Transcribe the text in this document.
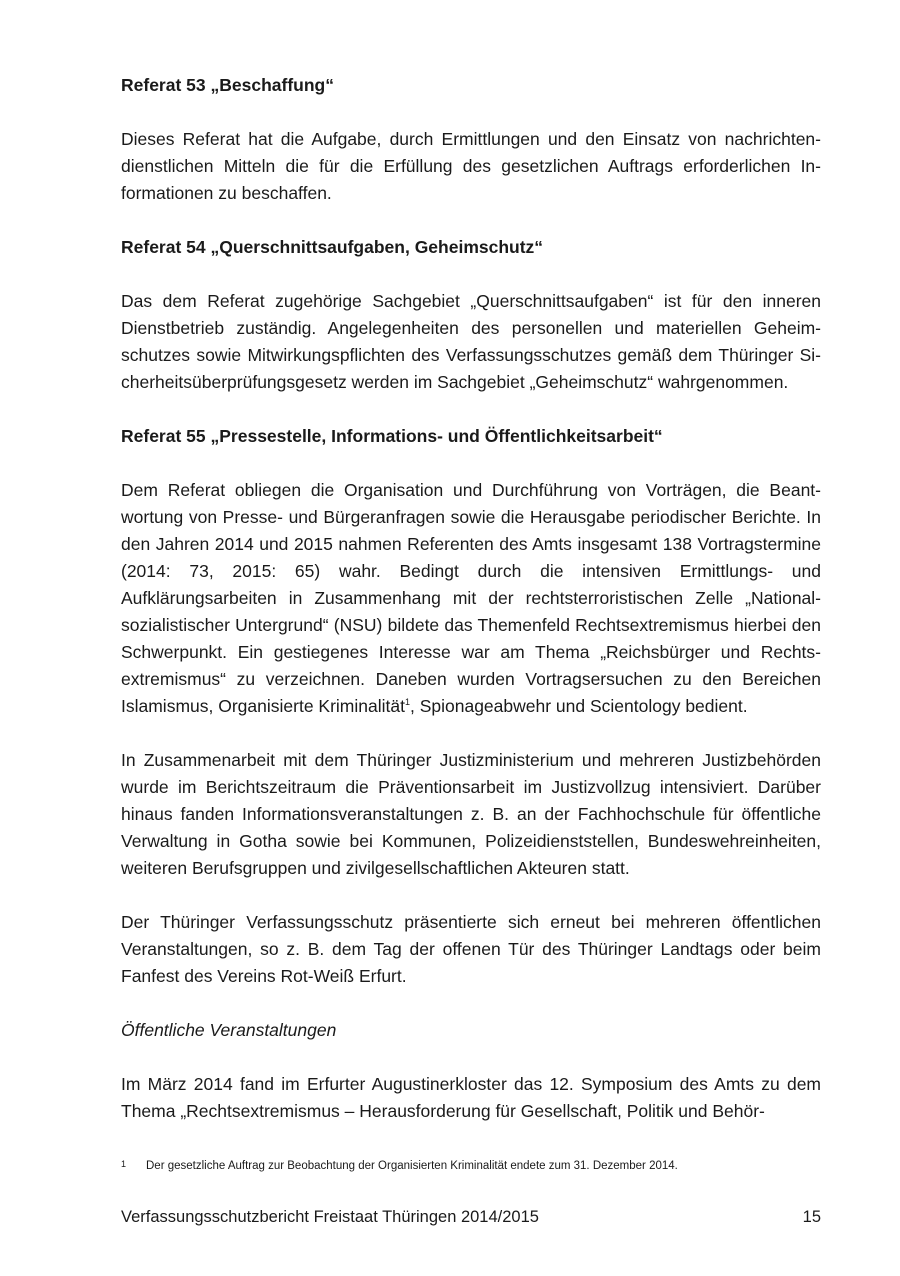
Referat 53 „Beschaffung“

Dieses Referat hat die Aufgabe, durch Ermittlungen und den Einsatz von nachrichtendienstlichen Mitteln die für die Erfüllung des gesetzlichen Auftrags erforderlichen Informationen zu beschaffen.

Referat 54 „Querschnittsaufgaben, Geheimschutz“

Das dem Referat zugehörige Sachgebiet „Querschnittsaufgaben“ ist für den inneren Dienstbetrieb zuständig. Angelegenheiten des personellen und materiellen Geheimschutzes sowie Mitwirkungspflichten des Verfassungsschutzes gemäß dem Thüringer Sicherheitsüberprüfungsgesetz werden im Sachgebiet „Geheimschutz“ wahrgenommen.

Referat 55 „Pressestelle, Informations- und Öffentlichkeitsarbeit“

Dem Referat obliegen die Organisation und Durchführung von Vorträgen, die Beantwortung von Presse- und Bürgeranfragen sowie die Herausgabe periodischer Berichte. In den Jahren 2014 und 2015 nahmen Referenten des Amts insgesamt 138 Vortragstermine (2014: 73, 2015: 65) wahr. Bedingt durch die intensiven Ermittlungs- und Aufklärungsarbeiten in Zusammenhang mit der rechtsterroristischen Zelle „Nationalsozialistischer Untergrund“ (NSU) bildete das Themenfeld Rechtsextremismus hierbei den Schwerpunkt. Ein gestiegenes Interesse war am Thema „Reichsbürger und Rechtsextremismus“ zu verzeichnen. Daneben wurden Vortragsersuchen zu den Bereichen Islamismus, Organisierte Kriminalität$^1$, Spionageabwehr und Scientology bedient.

In Zusammenarbeit mit dem Thüringer Justizministerium und mehreren Justizbehörden wurde im Berichtszeitraum die Präventionsarbeit im Justizvollzug intensiviert. Darüber hinaus fanden Informationsveranstaltungen z. B. an der Fachhochschule für öffentliche Verwaltung in Gotha sowie bei Kommunen, Polizeidienststellen, Bundeswehreinheiten, weiteren Berufsgruppen und zivilgesellschaftlichen Akteuren statt.

Der Thüringer Verfassungsschutz präsentierte sich erneut bei mehreren öffentlichen Veranstaltungen, so z. B. dem Tag der offenen Tür des Thüringer Landtags oder beim Fanfest des Vereins Rot-Weiß Erfurt.

Öffentliche Veranstaltungen

Im März 2014 fand im Erfurter Augustinerkloster das 12. Symposium des Amts zu dem Thema „Rechtsextremismus – Herausforderung für Gesellschaft, Politik und Behör-

1 Der gesetzliche Auftrag zur Beobachtung der Organisierten Kriminalität endete zum 31. Dezember 2014.
Verfassungsschutzbericht Freistaat Thüringen 2014/2015	15
